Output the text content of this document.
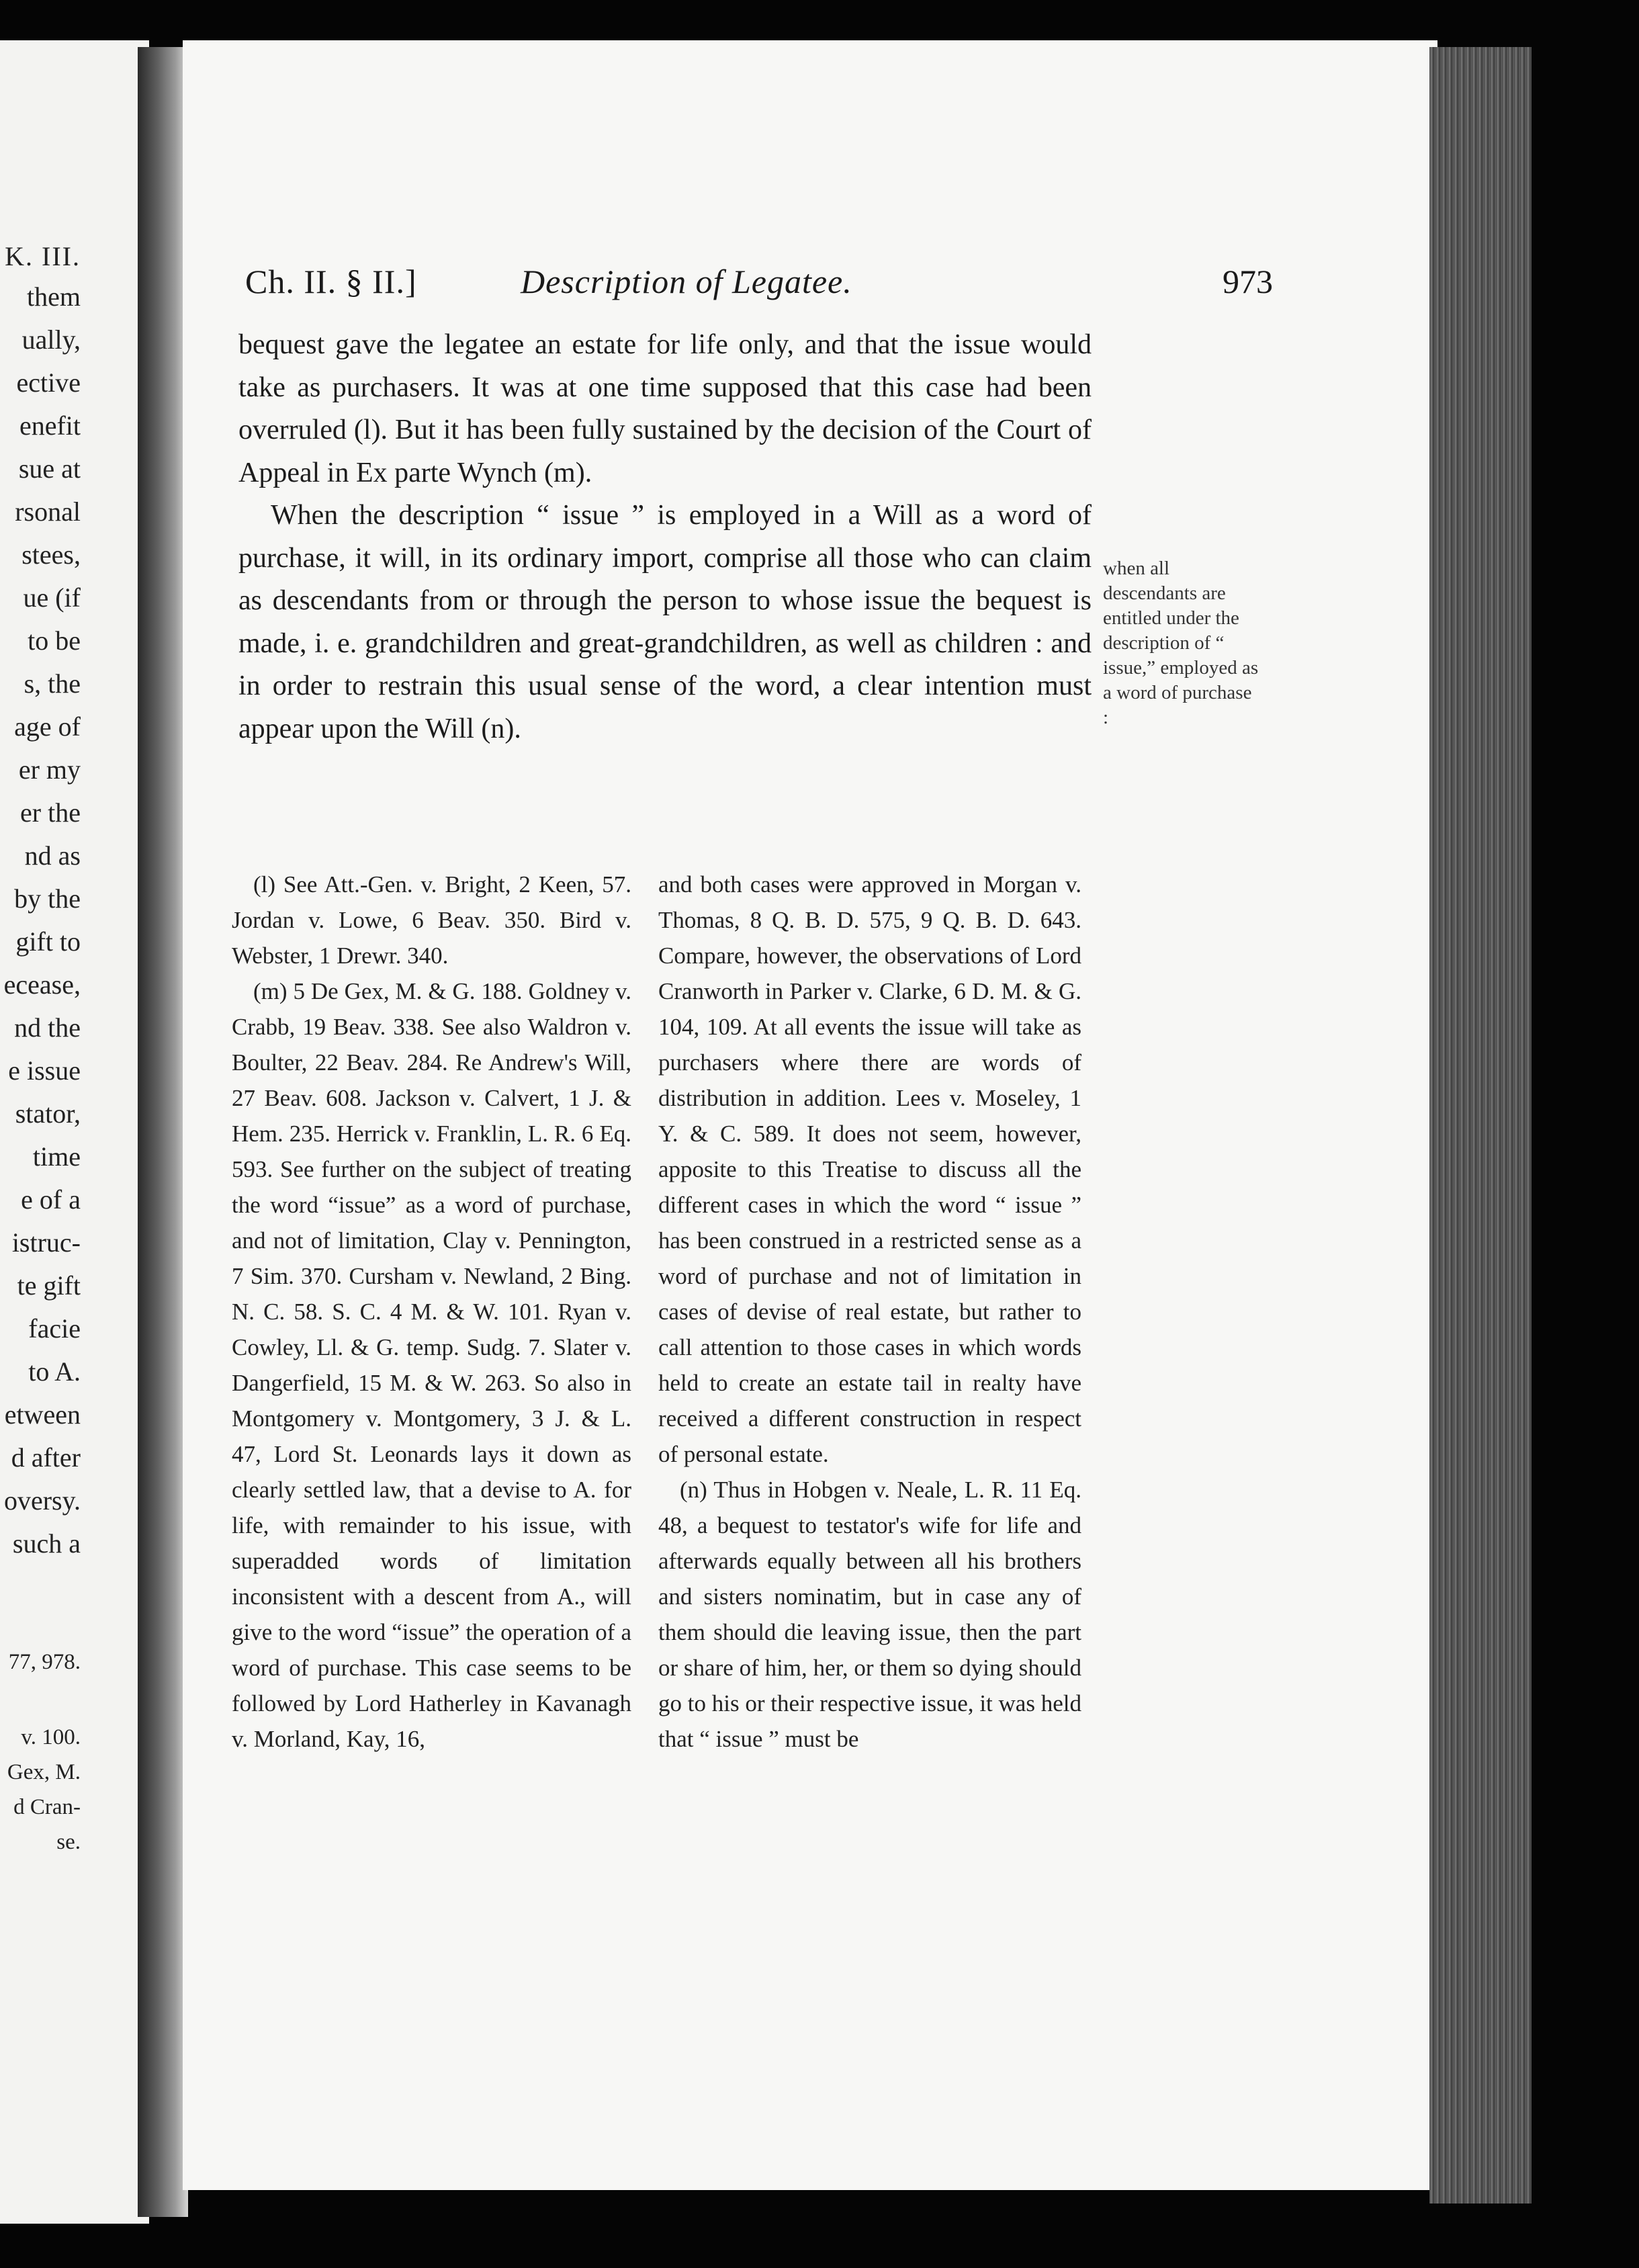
K. III.
them
ually,
ective
enefit
sue at
rsonal
stees,
ue (if
to be
s, the
age of
er my
er the
nd as
by the
gift to
ecease,
nd the
e issue
stator,
time
e of a
istruc-
te gift
facie
to A.
etween
d after
oversy.
such a
77, 978.
v. 100.
Gex, M.
d Cran-
se.
Ch. II. § II.]	Description of Legatee.	973

bequest gave the legatee an estate for life only, and that the issue would take as purchasers. It was at one time supposed that this case had been overruled (l). But it has been fully sustained by the decision of the Court of Appeal in Ex parte Wynch (m).

When the description “ issue ” is employed in a Will as a word of purchase, it will, in its ordinary import, comprise all those who can claim as descendants from or through the person to whose issue the bequest is made, i. e. grandchildren and great-grandchildren, as well as children : and in order to restrain this usual sense of the word, a clear intention must appear upon the Will (n).

when all descendants are entitled under the description of “ issue,” employed as a word of purchase :

(l) See Att.-Gen. v. Bright, 2 Keen, 57. Jordan v. Lowe, 6 Beav. 350. Bird v. Webster, 1 Drewr. 340.

(m) 5 De Gex, M. & G. 188. Goldney v. Crabb, 19 Beav. 338. See also Waldron v. Boulter, 22 Beav. 284. Re Andrew's Will, 27 Beav. 608. Jackson v. Calvert, 1 J. & Hem. 235. Herrick v. Franklin, L. R. 6 Eq. 593. See further on the subject of treating the word “issue” as a word of purchase, and not of limitation, Clay v. Pennington, 7 Sim. 370. Cursham v. Newland, 2 Bing. N. C. 58. S. C. 4 M. & W. 101. Ryan v. Cowley, Ll. & G. temp. Sudg. 7. Slater v. Dangerfield, 15 M. & W. 263. So also in Montgomery v. Montgomery, 3 J. & L. 47, Lord St. Leonards lays it down as clearly settled law, that a devise to A. for life, with remainder to his issue, with superadded words of limitation inconsistent with a descent from A., will give to the word “issue” the operation of a word of purchase. This case seems to be followed by Lord Hatherley in Kavanagh v. Morland, Kay, 16,

and both cases were approved in Morgan v. Thomas, 8 Q. B. D. 575, 9 Q. B. D. 643. Compare, however, the observations of Lord Cranworth in Parker v. Clarke, 6 D. M. & G. 104, 109. At all events the issue will take as purchasers where there are words of distribution in addition. Lees v. Moseley, 1 Y. & C. 589. It does not seem, however, apposite to this Treatise to discuss all the different cases in which the word “ issue ” has been construed in a restricted sense as a word of purchase and not of limitation in cases of devise of real estate, but rather to call attention to those cases in which words held to create an estate tail in realty have received a different construction in respect of personal estate.

(n) Thus in Hobgen v. Neale, L. R. 11 Eq. 48, a bequest to testator's wife for life and afterwards equally between all his brothers and sisters nominatim, but in case any of them should die leaving issue, then the part or share of him, her, or them so dying should go to his or their respective issue, it was held that “ issue ” must be
